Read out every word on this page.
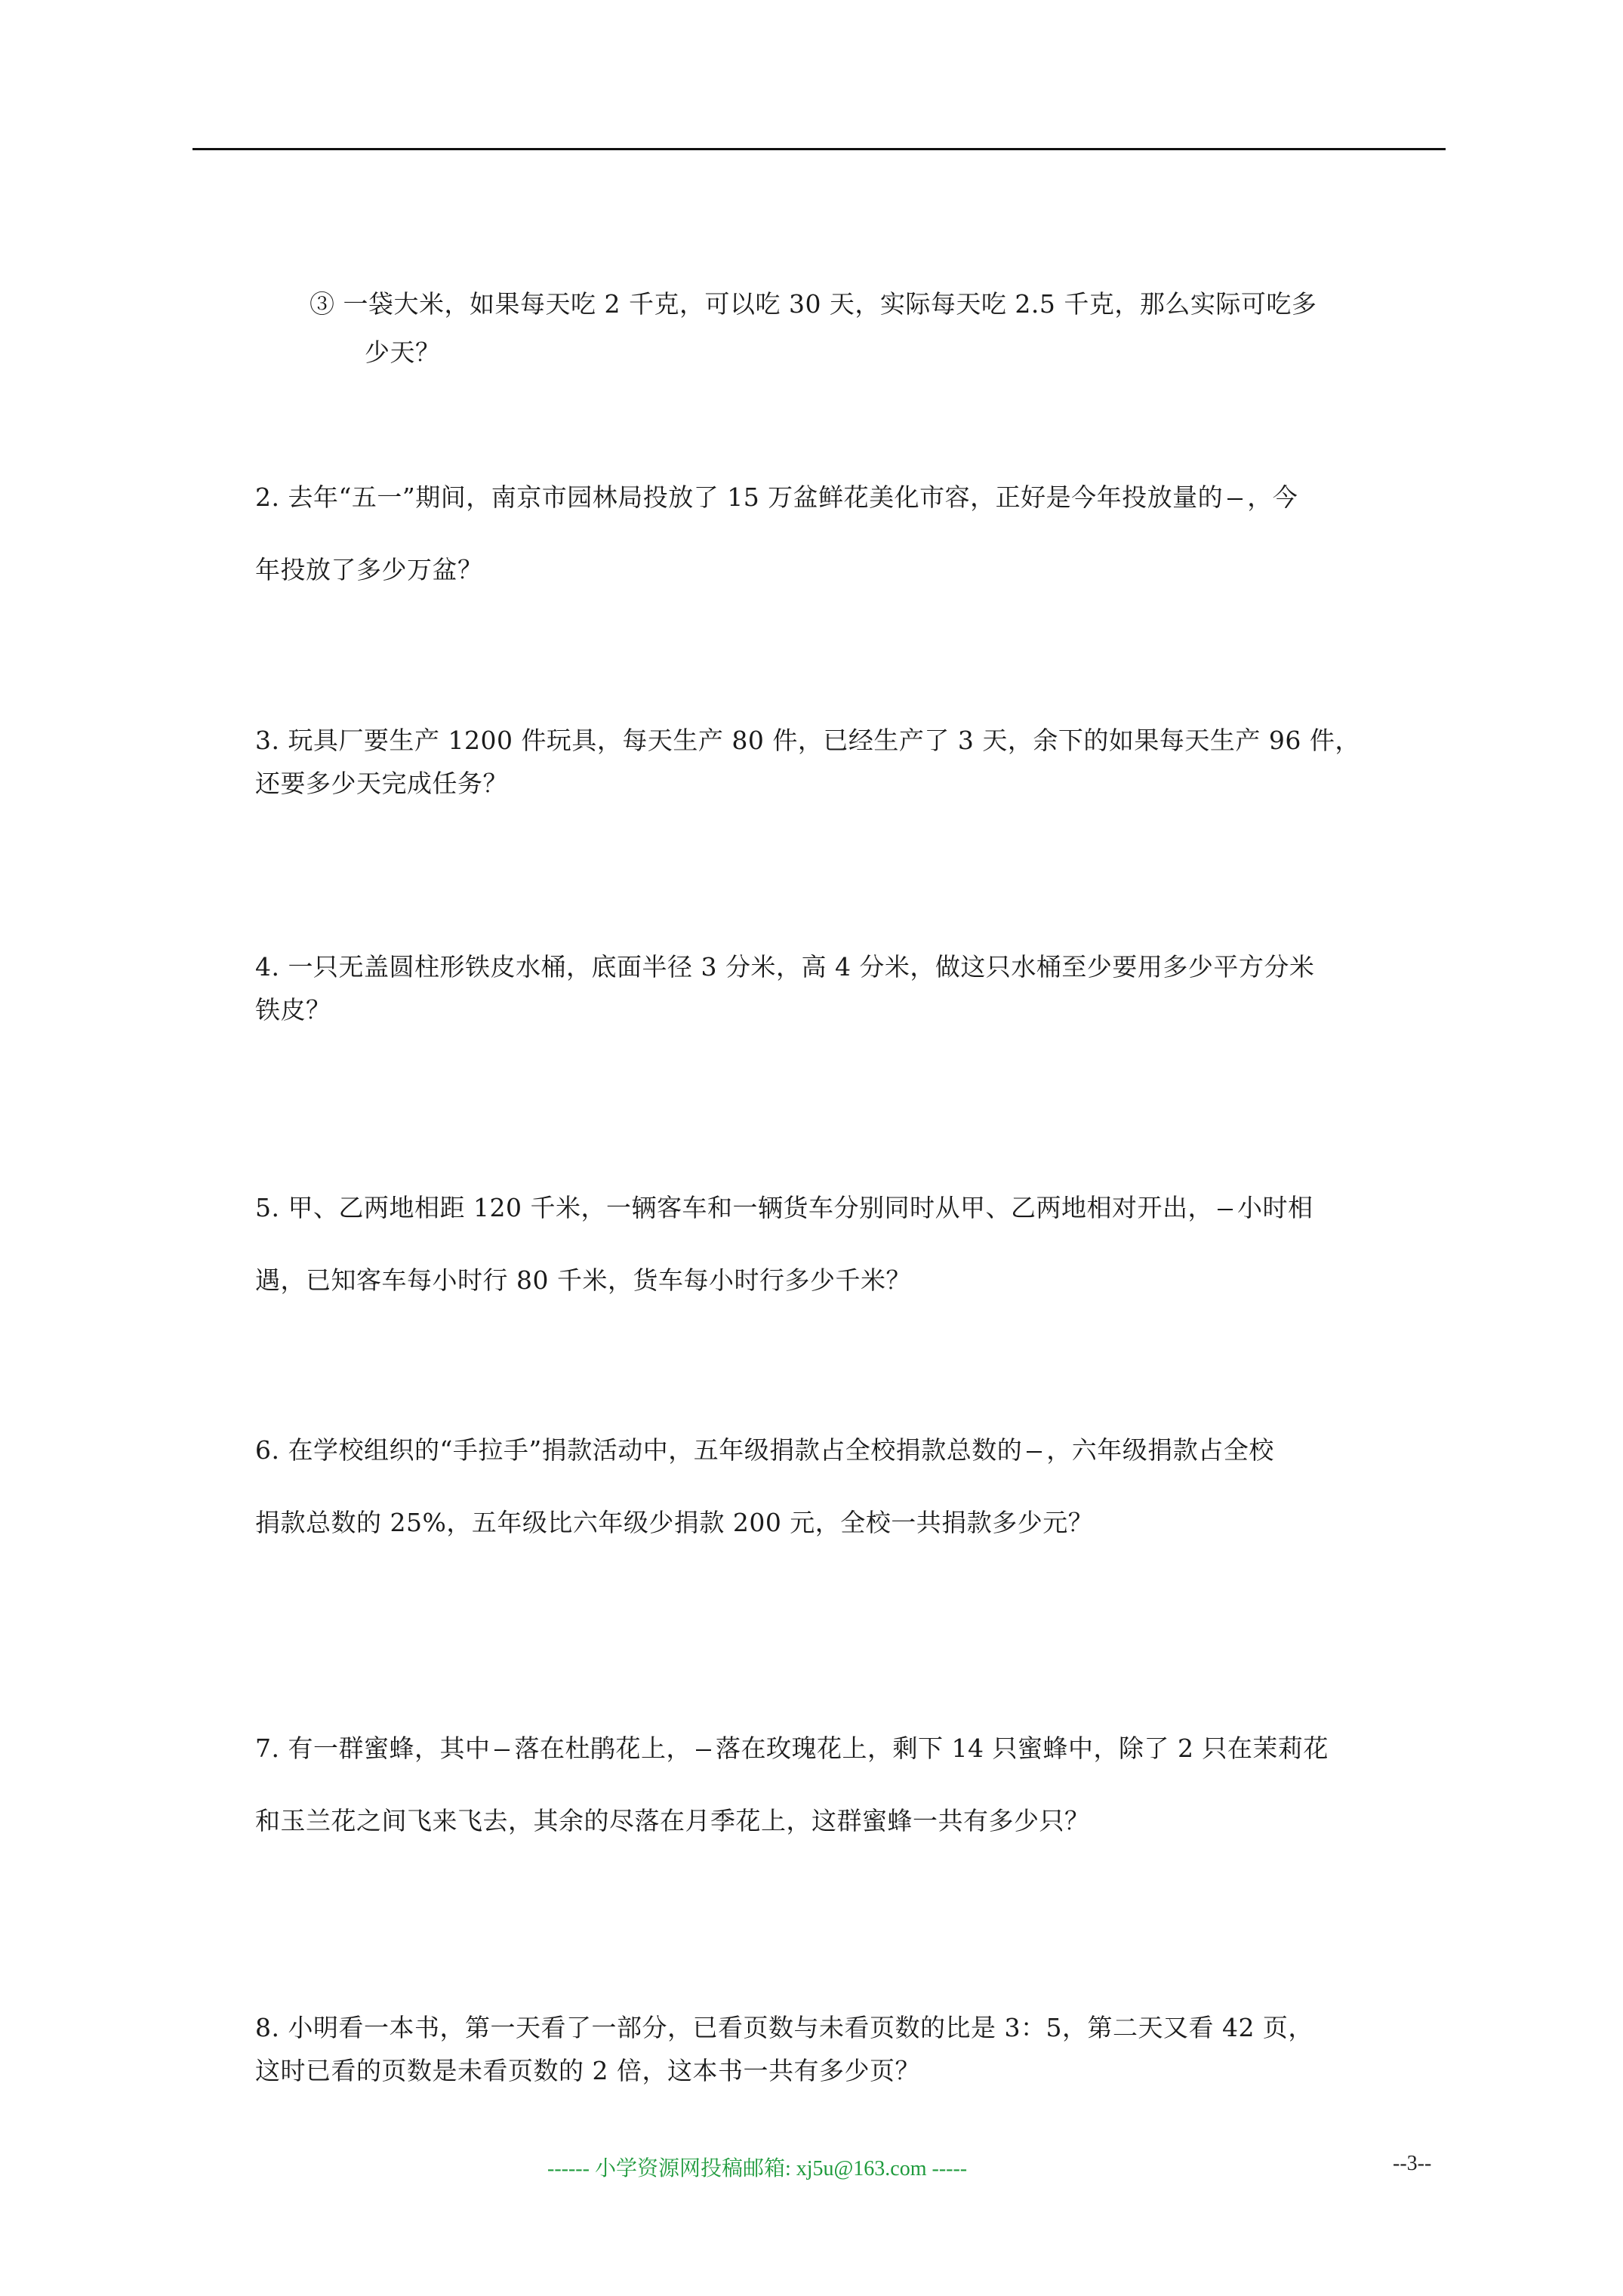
③ 一袋大米，如果每天吃 2 千克，可以吃 30 天，实际每天吃 2.5 千克，那么实际可吃多
少天？
2. 去年“五一”期间，南京市园林局投放了 15 万盆鲜花美化市容，正好是今年投放量的 ，今
年投放了多少万盆？
3. 玩具厂要生产 1200 件玩具，每天生产 80 件，已经生产了 3 天，余下的如果每天生产 96 件，
还要多少天完成任务？
4. 一只无盖圆柱形铁皮水桶，底面半径 3 分米，高 4 分米，做这只水桶至少要用多少平方分米
铁皮？
5. 甲、乙两地相距 120 千米，一辆客车和一辆货车分别同时从甲、乙两地相对开出， 小时相
遇，已知客车每小时行 80 千米，货车每小时行多少千米？
6. 在学校组织的“手拉手”捐款活动中，五年级捐款占全校捐款总数的 ，六年级捐款占全校
捐款总数的 25%，五年级比六年级少捐款 200 元，全校一共捐款多少元？
7. 有一群蜜蜂，其中 落在杜鹃花上， 落在玫瑰花上，剩下 14 只蜜蜂中，除了 2 只在茉莉花
和玉兰花之间飞来飞去，其余的尽落在月季花上，这群蜜蜂一共有多少只？
8. 小明看一本书，第一天看了一部分，已看页数与未看页数的比是 3：5，第二天又看 42 页，
这时已看的页数是未看页数的 2 倍，这本书一共有多少页？
------ 小学资源网投稿邮箱: xj5u@163.com -----	--3--
